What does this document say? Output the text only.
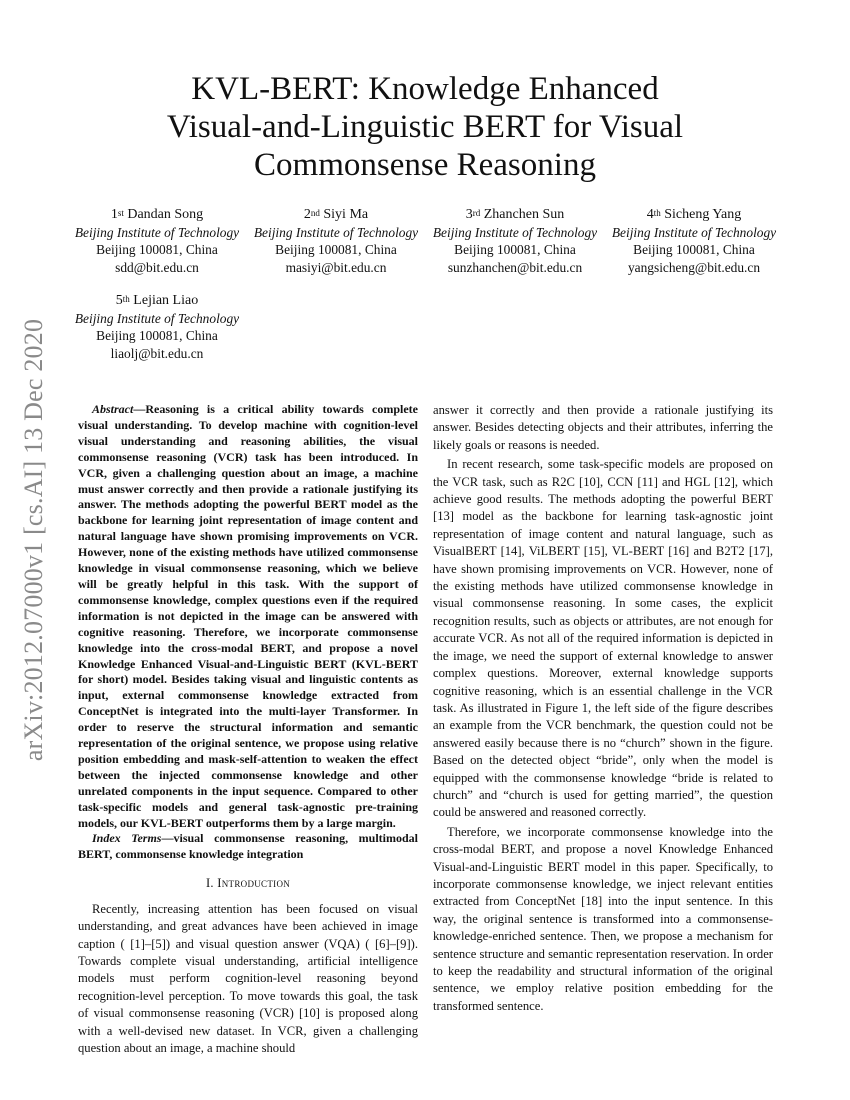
arXiv:2012.07000v1 [cs.AI] 13 Dec 2020
KVL-BERT: Knowledge Enhanced
Visual-and-Linguistic BERT for Visual
Commonsense Reasoning
1st Dandan Song
Beijing Institute of Technology
Beijing 100081, China
sdd@bit.edu.cn
2nd Siyi Ma
Beijing Institute of Technology
Beijing 100081, China
masiyi@bit.edu.cn
3rd Zhanchen Sun
Beijing Institute of Technology
Beijing 100081, China
sunzhanchen@bit.edu.cn
4th Sicheng Yang
Beijing Institute of Technology
Beijing 100081, China
yangsicheng@bit.edu.cn
5th Lejian Liao
Beijing Institute of Technology
Beijing 100081, China
liaolj@bit.edu.cn

Abstract—Reasoning is a critical ability towards complete visual understanding. To develop machine with cognition-level visual understanding and reasoning abilities, the visual commonsense reasoning (VCR) task has been introduced. In VCR, given a challenging question about an image, a machine must answer correctly and then provide a rationale justifying its answer. The methods adopting the powerful BERT model as the backbone for learning joint representation of image content and natural language have shown promising improvements on VCR. However, none of the existing methods have utilized commonsense knowledge in visual commonsense reasoning, which we believe will be greatly helpful in this task. With the support of commonsense knowledge, complex questions even if the required information is not depicted in the image can be answered with cognitive reasoning. Therefore, we incorporate commonsense knowledge into the cross-modal BERT, and propose a novel Knowledge Enhanced Visual-and-Linguistic BERT (KVL-BERT for short) model. Besides taking visual and linguistic contents as input, external commonsense knowledge extracted from ConceptNet is integrated into the multi-layer Transformer. In order to reserve the structural information and semantic representation of the original sentence, we propose using relative position embedding and mask-self-attention to weaken the effect between the injected commonsense knowledge and other unrelated components in the input sequence. Compared to other task-specific models and general task-agnostic pre-training models, our KVL-BERT outperforms them by a large margin.

Index Terms—visual commonsense reasoning, multimodal BERT, commonsense knowledge integration

I. Introduction

Recently, increasing attention has been focused on visual understanding, and great advances have been achieved in image caption ( [1]–[5]) and visual question answer (VQA) ( [6]–[9]). Towards complete visual understanding, artificial intelligence models must perform cognition-level reasoning beyond recognition-level perception. To move towards this goal, the task of visual commonsense reasoning (VCR) [10] is proposed along with a well-devised new dataset. In VCR, given a challenging question about an image, a machine should

answer it correctly and then provide a rationale justifying its answer. Besides detecting objects and their attributes, inferring the likely goals or reasons is needed.

In recent research, some task-specific models are proposed on the VCR task, such as R2C [10], CCN [11] and HGL [12], which achieve good results. The methods adopting the powerful BERT [13] model as the backbone for learning task-agnostic joint representation of image content and natural language, such as VisualBERT [14], ViLBERT [15], VL-BERT [16] and B2T2 [17], have shown promising improvements on VCR. However, none of the existing methods have utilized commonsense knowledge in visual commonsense reasoning. In some cases, the explicit recognition results, such as objects or attributes, are not enough for accurate VCR. As not all of the required information is depicted in the image, we need the support of external knowledge to answer complex questions. Moreover, external knowledge supports cognitive reasoning, which is an essential challenge in the VCR task. As illustrated in Figure 1, the left side of the figure describes an example from the VCR benchmark, the question could not be answered easily because there is no “church” shown in the figure. Based on the detected object “bride”, only when the model is equipped with the commonsense knowledge “bride is related to church” and “church is used for getting married”, the question could be answered and reasoned correctly.

Therefore, we incorporate commonsense knowledge into the cross-modal BERT, and propose a novel Knowledge Enhanced Visual-and-Linguistic BERT model in this paper. Specifically, to incorporate commonsense knowledge, we inject relevant entities extracted from ConceptNet [18] into the input sentence. In this way, the original sentence is transformed into a commonsense-knowledge-enriched sentence. Then, we propose a mechanism for sentence structure and semantic representation reservation. In order to keep the readability and structural information of the original sentence, we employ relative position embedding for the transformed sentence.
